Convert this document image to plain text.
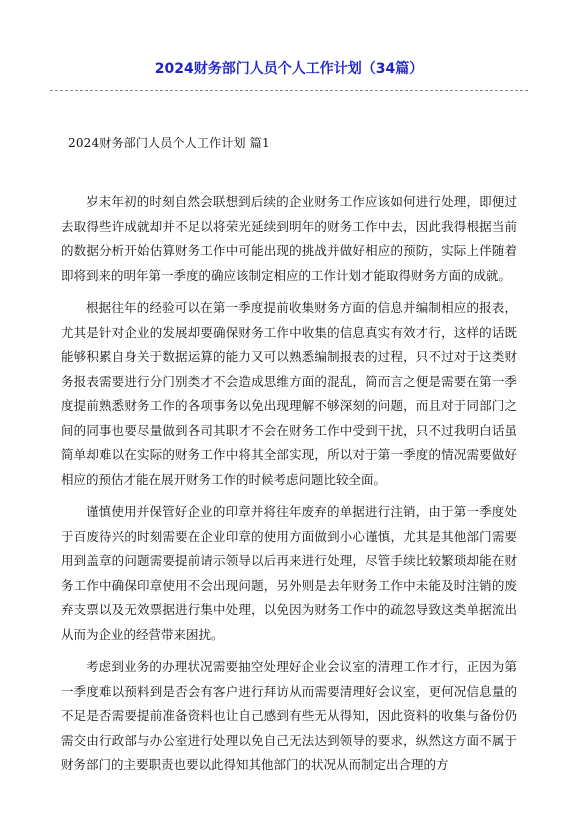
2024财务部门人员个人工作计划（34篇）
2024财务部门人员个人工作计划 篇1

岁末年初的时刻自然会联想到后续的企业财务工作应该如何进行处理，即便过去取得些许成就却并不足以将荣光延续到明年的财务工作中去，因此我得根据当前的数据分析开始估算财务工作中可能出现的挑战并做好相应的预防，实际上伴随着即将到来的明年第一季度的确应该制定相应的工作计划才能取得财务方面的成就。

根据往年的经验可以在第一季度提前收集财务方面的信息并编制相应的报表，尤其是针对企业的发展却要确保财务工作中收集的信息真实有效才行，这样的话既能够积累自身关于数据运算的能力又可以熟悉编制报表的过程，只不过对于这类财务报表需要进行分门别类才不会造成思维方面的混乱，简而言之便是需要在第一季度提前熟悉财务工作的各项事务以免出现理解不够深刻的问题，而且对于同部门之间的同事也要尽量做到各司其职才不会在财务工作中受到干扰，只不过我明白话虽简单却难以在实际的财务工作中将其全部实现，所以对于第一季度的情况需要做好相应的预估才能在展开财务工作的时候考虑问题比较全面。

谨慎使用并保管好企业的印章并将往年废弃的单据进行注销，由于第一季度处于百废待兴的时刻需要在企业印章的使用方面做到小心谨慎，尤其是其他部门需要用到盖章的问题需要提前请示领导以后再来进行处理，尽管手续比较繁琐却能在财务工作中确保印章使用不会出现问题，另外则是去年财务工作中未能及时注销的废弃支票以及无效票据进行集中处理，以免因为财务工作中的疏忽导致这类单据流出从而为企业的经营带来困扰。

考虑到业务的办理状况需要抽空处理好企业会议室的清理工作才行，正因为第一季度难以预料到是否会有客户进行拜访从而需要清理好会议室，更何况信息量的不足是否需要提前准备资料也让自己感到有些无从得知，因此资料的收集与备份仍需交由行政部与办公室进行处理以免自己无法达到领导的要求，纵然这方面不属于财务部门的主要职责也要以此得知其他部门的状况从而制定出合理的方
